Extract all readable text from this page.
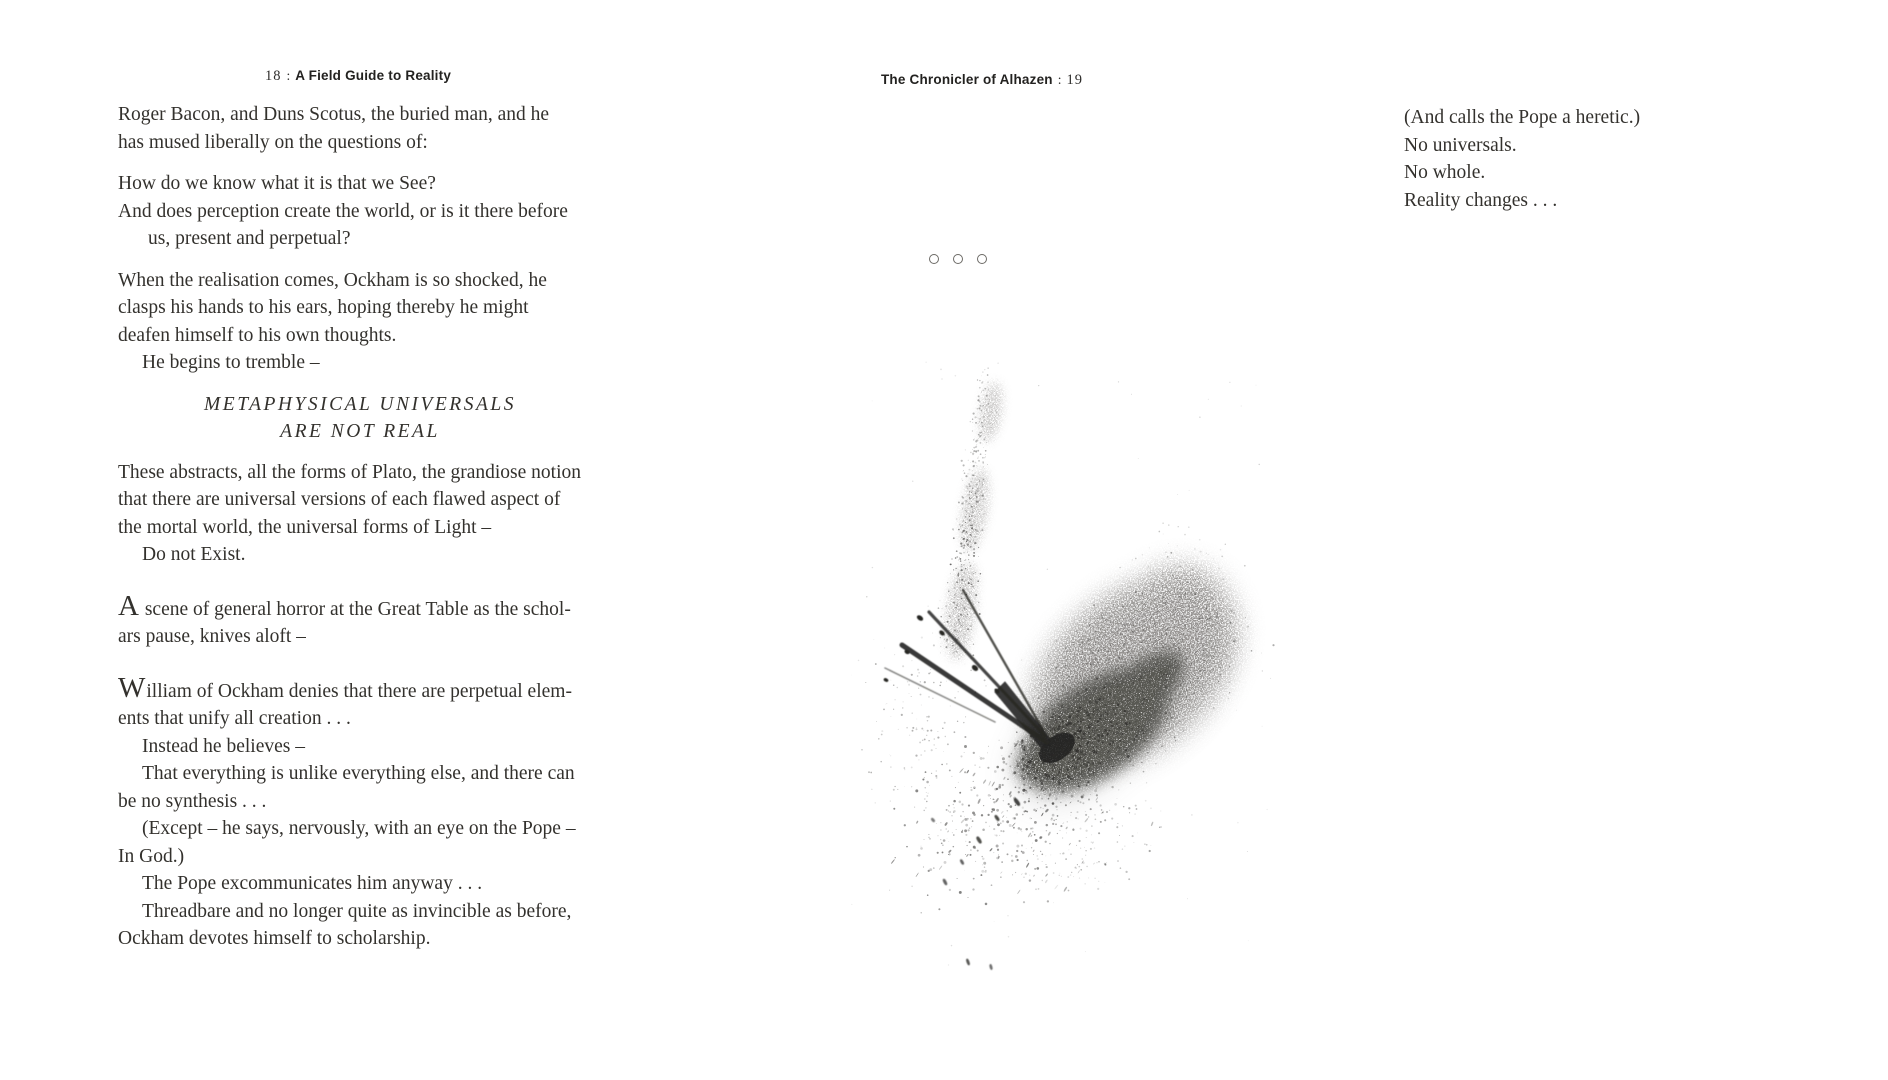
18 : A Field Guide to Reality
Roger Bacon, and Duns Scotus, the buried man, and he
has mused liberally on the questions of:
How do we know what it is that we See?
And does perception create the world, or is it there before
us, present and perpetual?
When the realisation comes, Ockham is so shocked, he
clasps his hands to his ears, hoping thereby he might
deafen himself to his own thoughts.
He begins to tremble –
METAPHYSICAL UNIVERSALS
ARE NOT REAL
These abstracts, all the forms of Plato, the grandiose notion
that there are universal versions of each flawed aspect of
the mortal world, the universal forms of Light –
Do not Exist.
A scene of general horror at the Great Table as the schol-
ars pause, knives aloft –
William of Ockham denies that there are perpetual elem-
ents that unify all creation . . .
Instead he believes –
That everything is unlike everything else, and there can
be no synthesis . . .
(Except – he says, nervously, with an eye on the Pope –
In God.)
The Pope excommunicates him anyway . . .
Threadbare and no longer quite as invincible as before,
Ockham devotes himself to scholarship.
The Chronicler of Alhazen : 19
(And calls the Pope a heretic.)
No universals.
No whole.
Reality changes . . .
